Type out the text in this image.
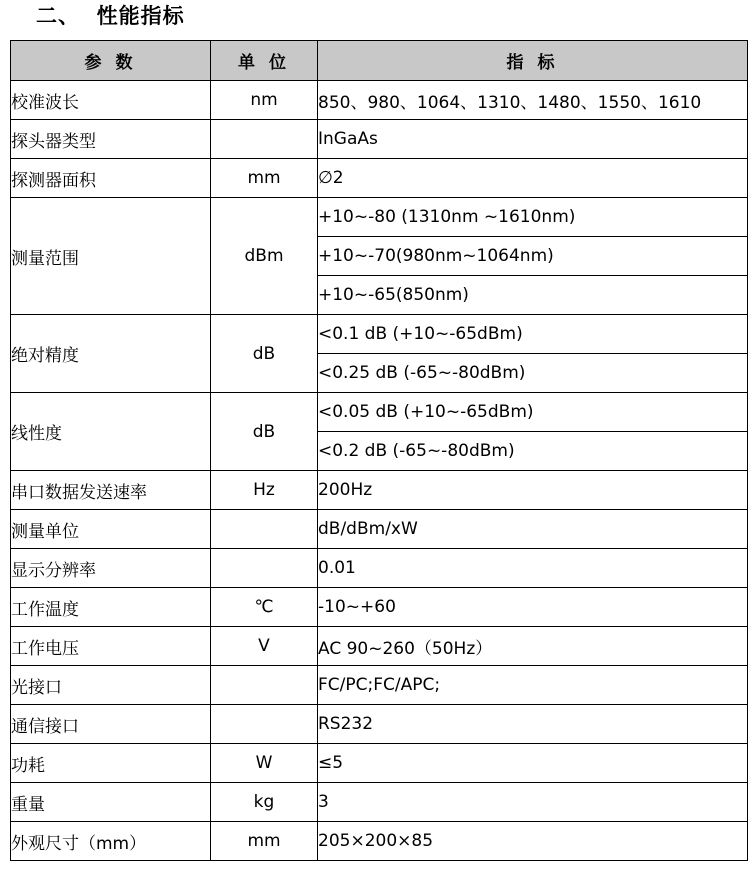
二、  性能指标
参 数	单 位	指 标
校准波长	nm	850、980、1064、1310、1480、1550、1610
探头器类型		InGaAs
探测器面积	mm	∅2
测量范围	dBm	+10~-80 (1310nm ~1610nm)
		+10~-70(980nm~1064nm)
		+10~-65(850nm)
绝对精度	dB	<0.1 dB (+10~-65dBm)
		<0.25 dB (-65~-80dBm)
线性度	dB	<0.05 dB (+10~-65dBm)
		<0.2 dB (-65~-80dBm)
串口数据发送速率	Hz	200Hz
测量单位		dB/dBm/xW
显示分辨率		0.01
工作温度	℃	-10~+60
工作电压	V	AC 90~260（50Hz）
光接口		FC/PC;FC/APC;
通信接口		RS232
功耗	W	≤5
重量	kg	3
外观尺寸（mm）	mm	205×200×85
